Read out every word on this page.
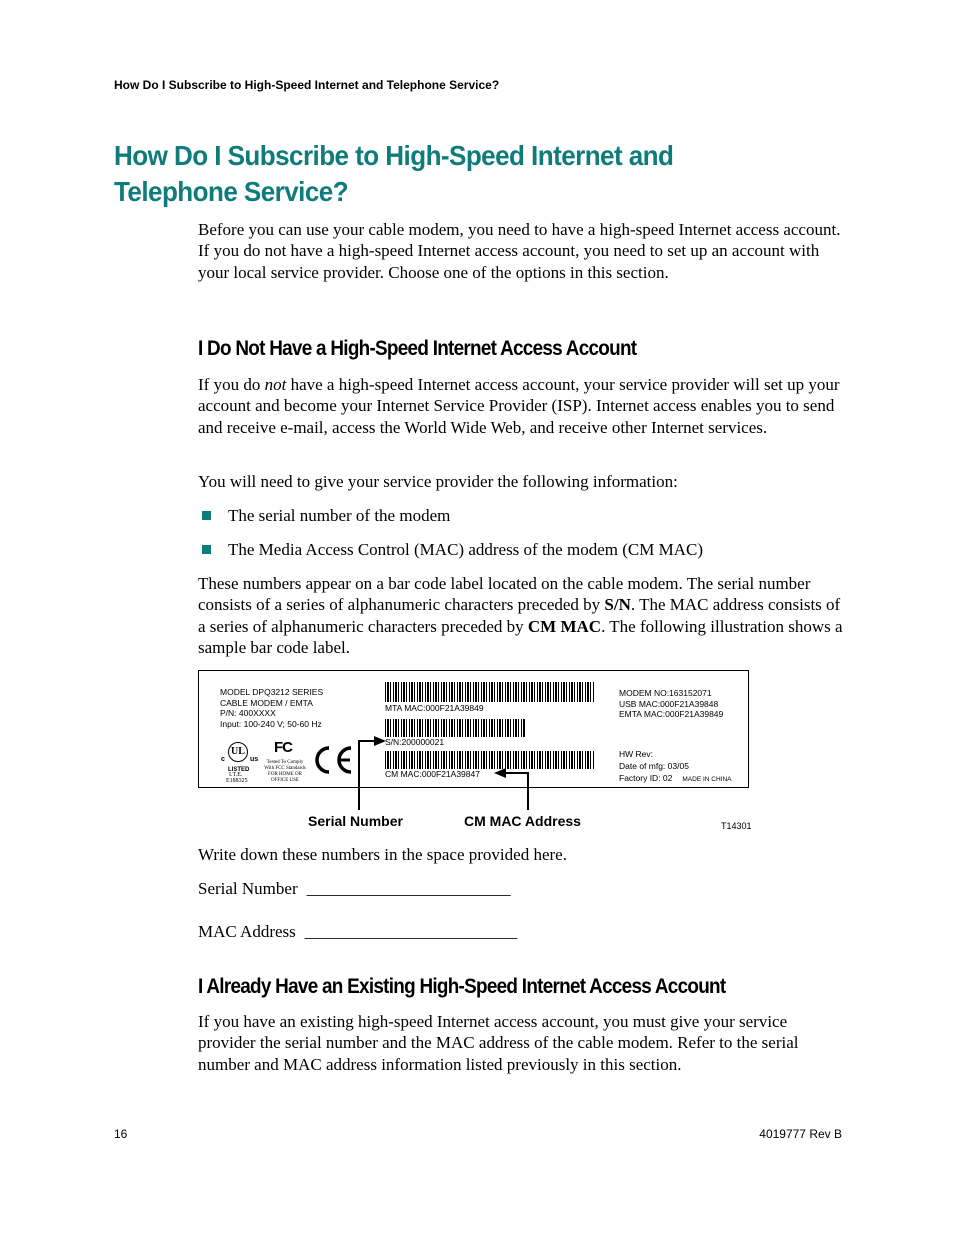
How Do I Subscribe to High-Speed Internet and Telephone Service?
How Do I Subscribe to High-Speed Internet and Telephone Service?

Before you can use your cable modem, you need to have a high-speed Internet access account. If you do not have a high-speed Internet access account, you need to set up an account with your local service provider. Choose one of the options in this section.

I Do Not Have a High-Speed Internet Access Account

If you do not have a high-speed Internet access account, your service provider will set up your account and become your Internet Service Provider (ISP). Internet access enables you to send and receive e-mail, access the World Wide Web, and receive other Internet services.

You will need to give your service provider the following information:

The serial number of the modem
The Media Access Control (MAC) address of the modem (CM MAC)

These numbers appear on a bar code label located on the cable modem. The serial number consists of a series of alphanumeric characters preceded by S/N. The MAC address consists of a series of alphanumeric characters preceded by CM MAC. The following illustration shows a sample bar code label.

MODEL DPQ3212 SERIES
CABLE MODEM / EMTA
P/N: 400XXXX
Input: 100-240 V; 50-60 Hz
c
UL
us
LISTED
I.T.E.
E188325
FC
Tested To Comply
With FCC Standards
FOR HOME OR
OFFICE USE
MTA MAC:000F21A39849
S/N:200000021
CM MAC:000F21A39847
MODEM NO:163152071
USB MAC:000F21A39848
EMTA MAC:000F21A39849
HW Rev:
Date of mfg: 03/05
Factory ID: 02 MADE IN CHINA
Serial Number	CM MAC Address	T14301

Write down these numbers in the space provided here.

Serial Number ________________________
MAC Address _________________________
I Already Have an Existing High-Speed Internet Access Account

If you have an existing high-speed Internet access account, you must give your service provider the serial number and the MAC address of the cable modem. Refer to the serial number and MAC address information listed previously in this section.

16	4019777 Rev B
